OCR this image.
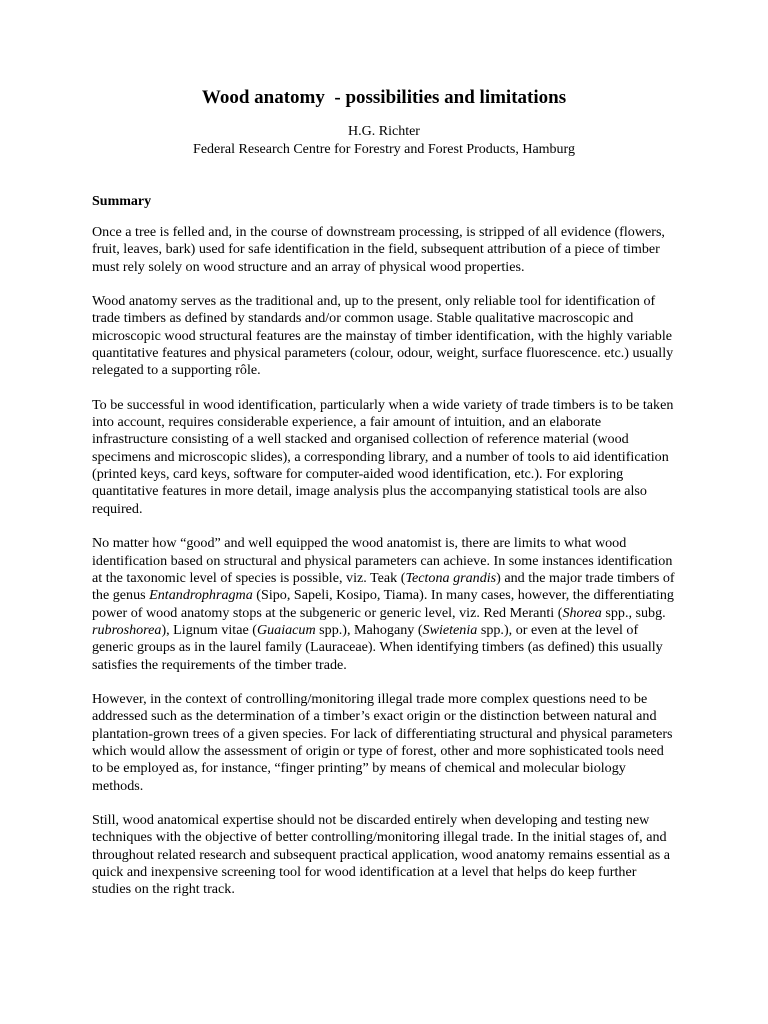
Wood anatomy  - possibilities and limitations
H.G. Richter
Federal Research Centre for Forestry and Forest Products, Hamburg
Summary

Once a tree is felled and, in the course of downstream processing, is stripped of all evidence (flowers, fruit, leaves, bark) used for safe identification in the field, subsequent attribution of a piece of timber must rely solely on wood structure and an array of physical wood properties.

Wood anatomy serves as the traditional and, up to the present, only reliable tool for identification of trade timbers as defined by standards and/or common usage. Stable qualitative macroscopic and microscopic wood structural features are the mainstay of timber identification, with the highly variable quantitative features and physical parameters (colour, odour, weight, surface fluorescence. etc.) usually relegated to a supporting rôle.

To be successful in wood identification, particularly when a wide variety of trade timbers is to be taken into account, requires considerable experience, a fair amount of intuition, and an elaborate infrastructure consisting of a well stacked and organised collection of reference material (wood specimens and microscopic slides), a corresponding library, and a number of tools to aid identification (printed keys, card keys, software for computer-aided wood identification, etc.). For exploring quantitative features in more detail, image analysis plus the accompanying statistical tools are also required.

No matter how “good” and well equipped the wood anatomist is, there are limits to what wood identification based on structural and physical parameters can achieve. In some instances identification at the taxonomic level of species is possible, viz. Teak (Tectona grandis) and the major trade timbers of the genus Entandrophragma (Sipo, Sapeli, Kosipo, Tiama). In many cases, however, the differentiating power of wood anatomy stops at the subgeneric or generic level, viz. Red Meranti (Shorea spp., subg. rubroshorea), Lignum vitae (Guaiacum spp.), Mahogany (Swietenia spp.), or even at the level of generic groups as in the laurel family (Lauraceae). When identifying timbers (as defined) this usually satisfies the requirements of the timber trade.

However, in the context of controlling/monitoring illegal trade more complex questions need to be addressed such as the determination of a timber’s exact origin or the distinction between natural and plantation-grown trees of a given species. For lack of differentiating structural and physical parameters which would allow the assessment of origin or type of forest, other and more sophisticated tools need to be employed as, for instance, “finger printing” by means of chemical and molecular biology methods.

Still, wood anatomical expertise should not be discarded entirely when developing and testing new techniques with the objective of better controlling/monitoring illegal trade. In the initial stages of, and throughout related research and subsequent practical application, wood anatomy remains essential as a quick and inexpensive screening tool for wood identification at a level that helps do keep further studies on the right track.
